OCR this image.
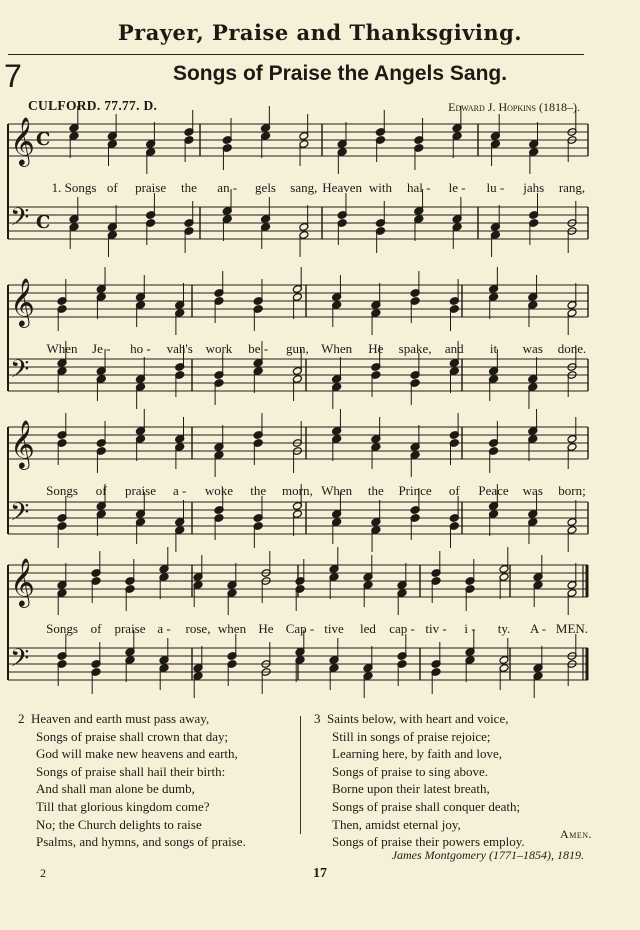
Prayer, Praise and Thanksgiving.
7	Songs of Praise the Angels Sang.
CULFORD. 77.77. D.	Edward J. Hopkins (1818–).
𝄞 C
𝄢 C
1. Songs of praise the an - gels sang, Heaven with hal - le - lu - jahs rang,
𝄞
𝄢
When Je - ho - vah's work be - gun, When He spake, and it was done.
𝄞
𝄢
Songs of praise a - woke the morn, When the Prince of Peace was born;
𝄞
𝄢
Songs of praise a - rose, when He Cap - tive led cap - tiv - i - ty. A - MEN.
2 Heaven and earth must pass away,
Songs of praise shall crown that day;
God will make new heavens and earth,
Songs of praise shall hail their birth:
And shall man alone be dumb,
Till that glorious kingdom come?
No; the Church delights to raise
Psalms, and hymns, and songs of praise.
3 Saints below, with heart and voice,
Still in songs of praise rejoice;
Learning here, by faith and love,
Songs of praise to sing above.
Borne upon their latest breath,
Songs of praise shall conquer death;
Then, amidst eternal joy,
Songs of praise their powers employ.
Amen.
James Montgomery (1771–1854), 1819.
2	17
